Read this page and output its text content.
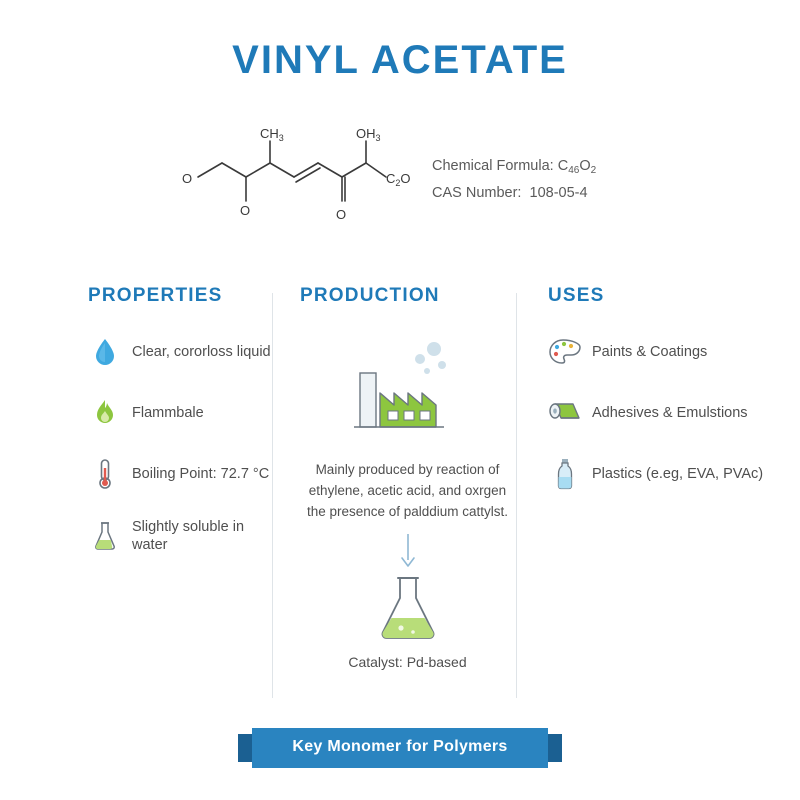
VINYL ACETATE
O
O
$CH_3$
O
$OH_3$
$C_2O$
Chemical Formula: $C_{46}O_2$
CAS Number: 108-05-4
PROPERTIES
Clear, cororloss liquid
Flammbale
Boiling Point: 72.7 °C
Slightly soluble in water
PRODUCTION
Mainly produced by reaction of ethylene, acetic acid, and oxrgen the presence of palddium cattylst.
Catalyst: Pd-based
USES
Paints & Coatings
Adhesives & Emulstions
Plastics (e.eg, EVA, PVAc)
Key Monomer for Polymers
